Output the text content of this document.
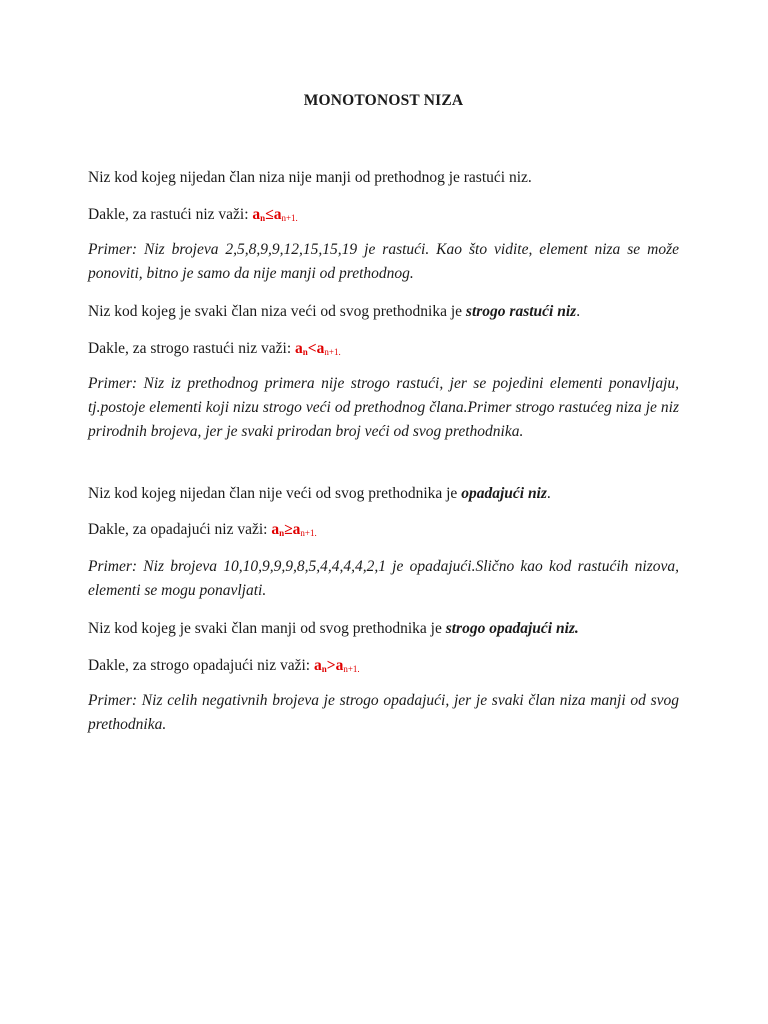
MONOTONOST NIZA

Niz kod kojeg nijedan član niza nije manji od prethodnog je rastući niz.

Dakle, za rastući niz važi: $a_n\le a_{n+1.}$

Primer: Niz brojeva 2,5,8,9,9,12,15,15,19 je rastući. Kao što vidite, element niza se može ponoviti, bitno je samo da nije manji od prethodnog.

Niz kod kojeg je svaki član niza veći od svog prethodnika je strogo rastući niz.

Dakle, za strogo rastući niz važi: $a_n<a_{n+1.}$

Primer: Niz iz prethodnog primera nije strogo rastući, jer se pojedini elementi ponavljaju, tj.postoje elementi koji nizu strogo veći od prethodnog člana.Primer strogo rastućeg niza je niz prirodnih brojeva, jer je svaki prirodan broj veći od svog prethodnika.

Niz kod kojeg nijedan član nije veći od svog prethodnika je opadajući niz.

Dakle, za opadajući niz važi: $a_n\ge a_{n+1.}$

Primer: Niz brojeva 10,10,9,9,9,8,5,4,4,4,4,2,1 je opadajući.Slično kao kod rastućih nizova, elementi se mogu ponavljati.

Niz kod kojeg je svaki član manji od svog prethodnika je strogo opadajući niz.

Dakle, za strogo opadajući niz važi: $a_n>a_{n+1.}$

Primer: Niz celih negativnih brojeva je strogo opadajući, jer je svaki član niza manji od svog prethodnika.
